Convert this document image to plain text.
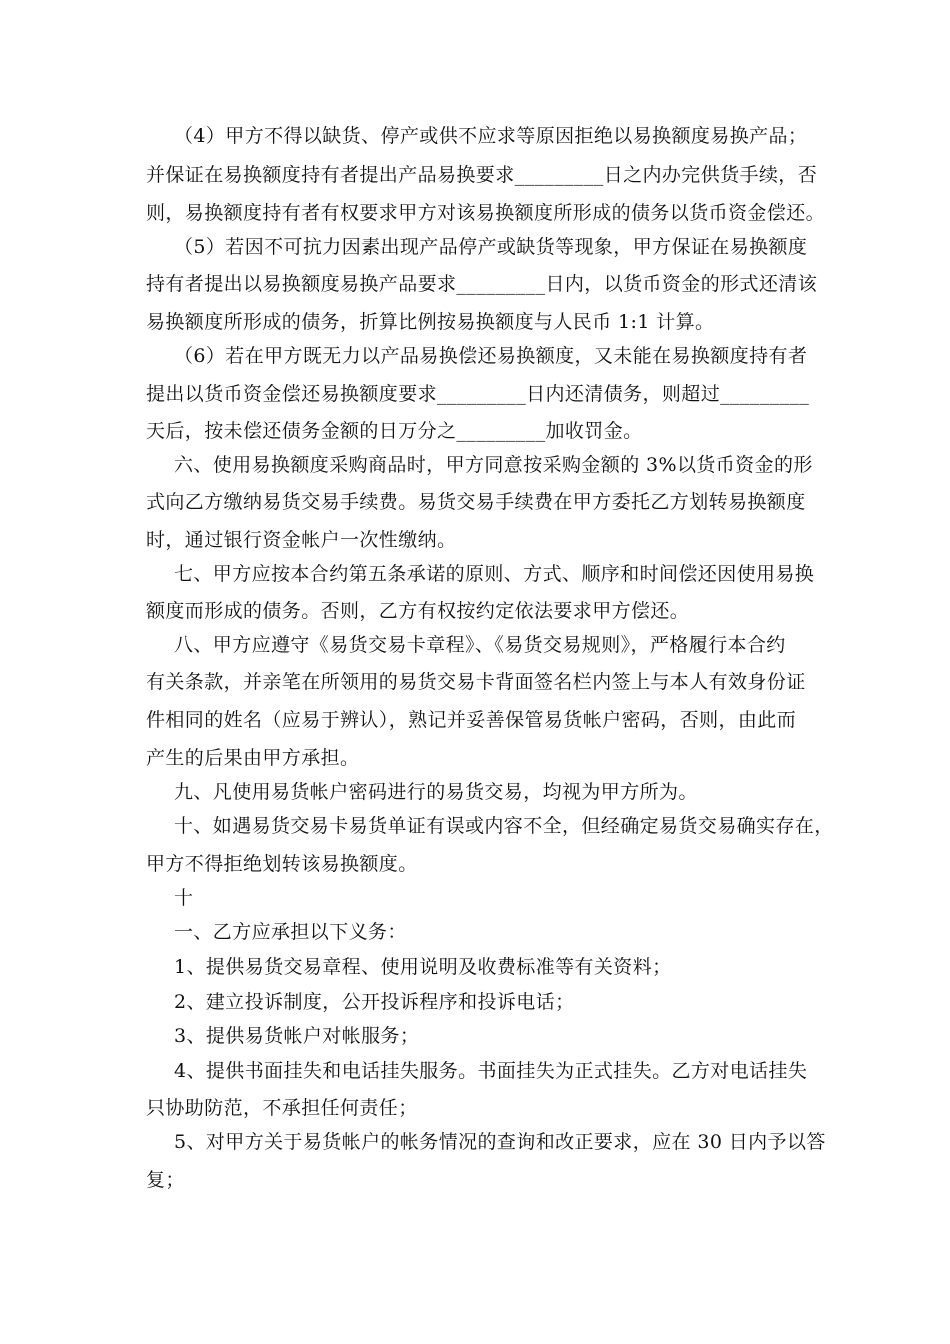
（4）甲方不得以缺货、停产或供不应求等原因拒绝以易换额度易换产品；
并保证在易换额度持有者提出产品易换要求_________日之内办完供货手续，否
则，易换额度持有者有权要求甲方对该易换额度所形成的债务以货币资金偿还。
（5）若因不可抗力因素出现产品停产或缺货等现象，甲方保证在易换额度
持有者提出以易换额度易换产品要求_________日内，以货币资金的形式还清该
易换额度所形成的债务，折算比例按易换额度与人民币 1:1 计算。
（6）若在甲方既无力以产品易换偿还易换额度，又未能在易换额度持有者
提出以货币资金偿还易换额度要求_________日内还清债务，则超过_________
天后，按未偿还债务金额的日万分之_________加收罚金。
六、使用易换额度采购商品时，甲方同意按采购金额的 3%以货币资金的形
式向乙方缴纳易货交易手续费。易货交易手续费在甲方委托乙方划转易换额度
时，通过银行资金帐户一次性缴纳。
七、甲方应按本合约第五条承诺的原则、方式、顺序和时间偿还因使用易换
额度而形成的债务。否则，乙方有权按约定依法要求甲方偿还。
八、甲方应遵守《易货交易卡章程》、《易货交易规则》，严格履行本合约
有关条款，并亲笔在所领用的易货交易卡背面签名栏内签上与本人有效身份证
件相同的姓名（应易于辨认），熟记并妥善保管易货帐户密码，否则，由此而
产生的后果由甲方承担。
九、凡使用易货帐户密码进行的易货交易，均视为甲方所为。
十、如遇易货交易卡易货单证有误或内容不全，但经确定易货交易确实存在，
甲方不得拒绝划转该易换额度。
十
一、乙方应承担以下义务：
1、提供易货交易章程、使用说明及收费标准等有关资料；
2、建立投诉制度，公开投诉程序和投诉电话；
3、提供易货帐户对帐服务；
4、提供书面挂失和电话挂失服务。书面挂失为正式挂失。乙方对电话挂失
只协助防范，不承担任何责任；
5、对甲方关于易货帐户的帐务情况的查询和改正要求，应在 30 日内予以答
复；
